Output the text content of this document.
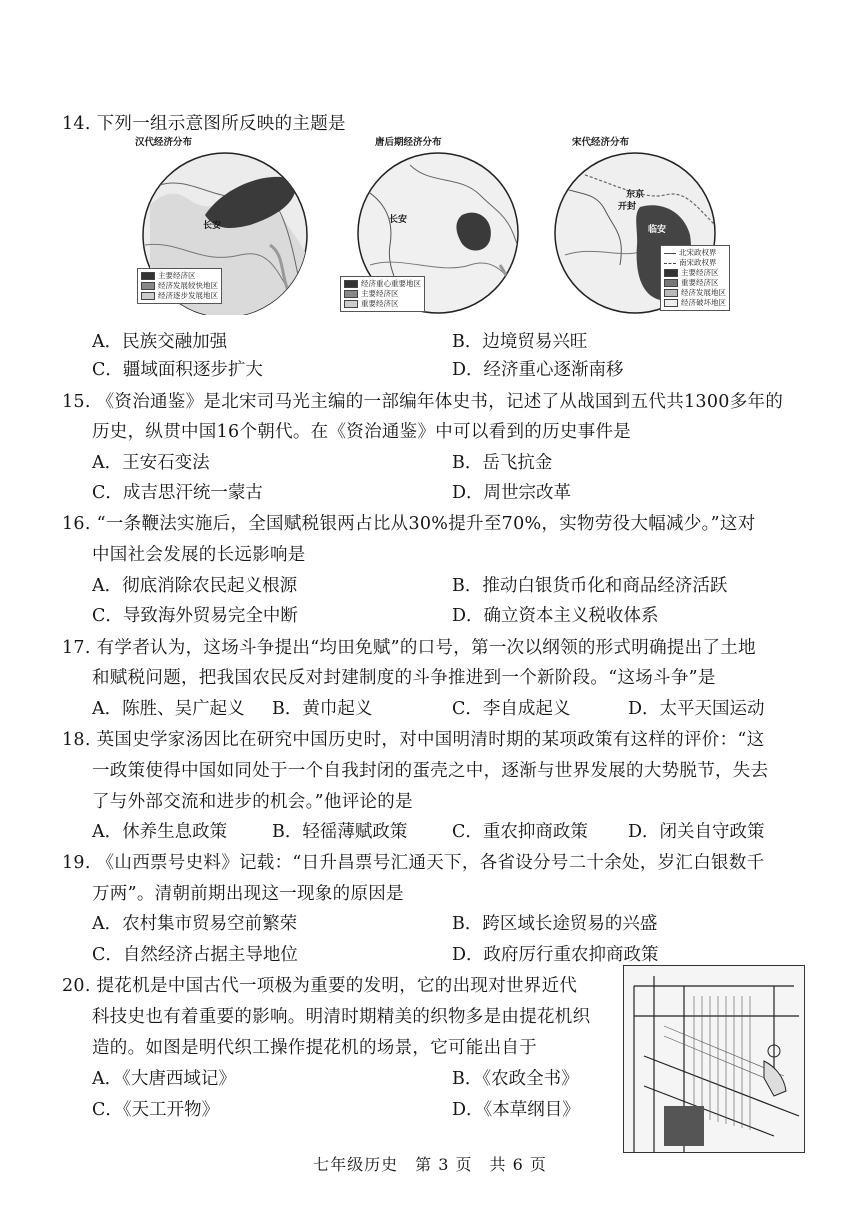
14. 下列一组示意图所反映的主题是
汉代经济分布
长安
主要经济区
经济发展较快地区
经济逐步发展地区
唐后期经济分布
长安
经济重心重要地区
主要经济区
重要经济区
宋代经济分布
东京
开封
临安
北宋政权界
南宋政权界
主要经济区
重要经济区
经济发展地区
经济破坏地区
A．民族交融加强	B．边境贸易兴旺
C．疆域面积逐步扩大	D．经济重心逐渐南移
15. 《资治通鉴》是北宋司马光主编的一部编年体史书，记述了从战国到五代共1300多年的
历史，纵贯中国16个朝代。在《资治通鉴》中可以看到的历史事件是
A．王安石变法	B．岳飞抗金
C．成吉思汗统一蒙古	D．周世宗改革
16. “一条鞭法实施后，全国赋税银两占比从30%提升至70%，实物劳役大幅减少。”这对
中国社会发展的长远影响是
A．彻底消除农民起义根源	B．推动白银货币化和商品经济活跃
C．导致海外贸易完全中断	D．确立资本主义税收体系
17. 有学者认为，这场斗争提出“均田免赋”的口号，第一次以纲领的形式明确提出了土地
和赋税问题，把我国农民反对封建制度的斗争推进到一个新阶段。“这场斗争”是
A．陈胜、吴广起义 B．黄巾起义	C．李自成起义	D．太平天国运动
18. 英国史学家汤因比在研究中国历史时，对中国明清时期的某项政策有这样的评价：“这
一政策使得中国如同处于一个自我封闭的蛋壳之中，逐渐与世界发展的大势脱节，失去
了与外部交流和进步的机会。”他评论的是
A．休养生息政策	B．轻徭薄赋政策	C．重农抑商政策 D．闭关自守政策
19. 《山西票号史料》记载：“日升昌票号汇通天下，各省设分号二十余处，岁汇白银数千
万两”。清朝前期出现这一现象的原因是
A．农村集市贸易空前繁荣	B．跨区域长途贸易的兴盛
C．自然经济占据主导地位	D．政府厉行重农抑商政策
20. 提花机是中国古代一项极为重要的发明，它的出现对世界近代
科技史也有着重要的影响。明清时期精美的织物多是由提花机织
造的。如图是明代织工操作提花机的场景，它可能出自于
A．《大唐西域记》	B．《农政全书》
C．《天工开物》	D．《本草纲目》
七年级历史　第 3 页　共 6 页
